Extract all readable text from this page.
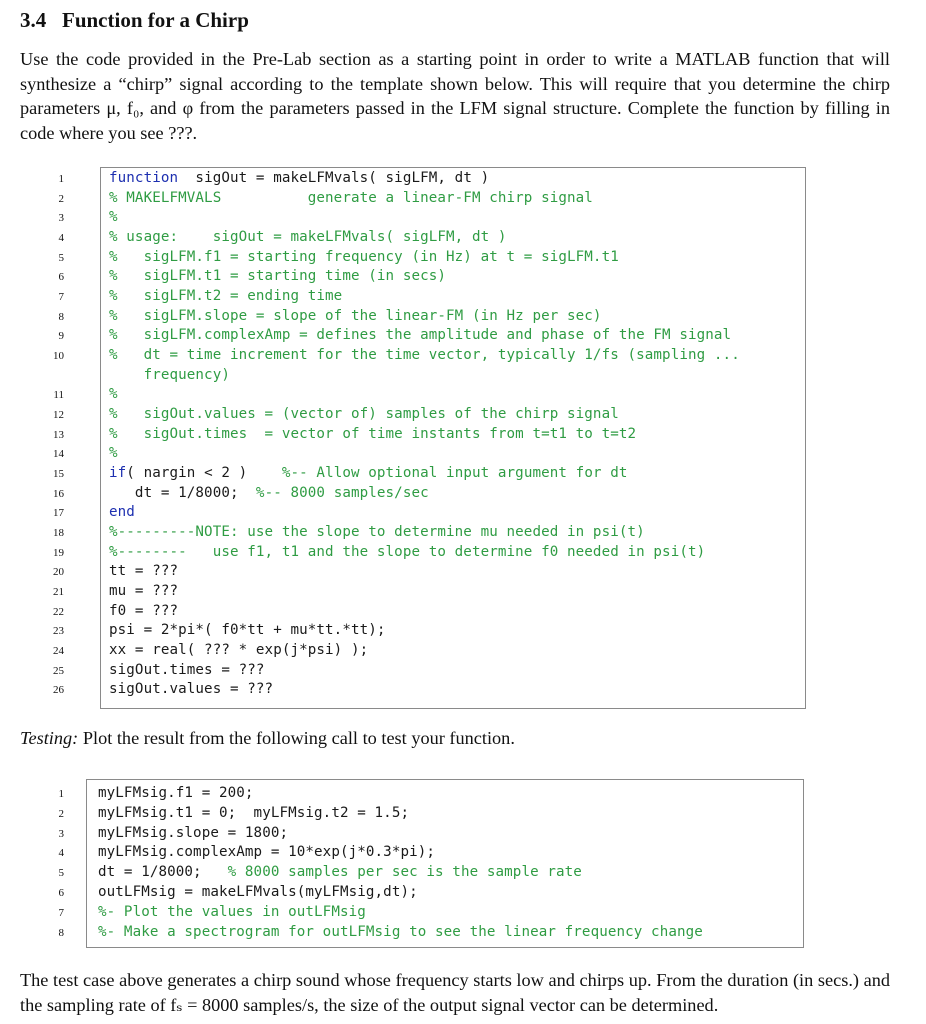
3.4   Function for a Chirp
Use the code provided in the Pre-Lab section as a starting point in order to write a MATLAB function that will synthesize a “chirp” signal according to the template shown below. This will require that you determine the chirp parameters μ, f₀, and φ from the parameters passed in the LFM signal structure. Complete the function by filling in code where you see ???.
1	function  sigOut = makeLFMvals( sigLFM, dt )
2	% MAKELFMVALS          generate a linear-FM chirp signal
3	%
4	% usage:    sigOut = makeLFMvals( sigLFM, dt )
5	%   sigLFM.f1 = starting frequency (in Hz) at t = sigLFM.t1
6	%   sigLFM.t1 = starting time (in secs)
7	%   sigLFM.t2 = ending time
8	%   sigLFM.slope = slope of the linear-FM (in Hz per sec)
9	%   sigLFM.complexAmp = defines the amplitude and phase of the FM signal
10	%   dt = time increment for the time vector, typically 1/fs (sampling ...
frequency)
11	%
12	%   sigOut.values = (vector of) samples of the chirp signal
13	%   sigOut.times  = vector of time instants from t=t1 to t=t2
14	%
15	if( nargin < 2 )    %-- Allow optional input argument for dt
16	dt = 1/8000;  %-- 8000 samples/sec
17	end
18	%---------NOTE: use the slope to determine mu needed in psi(t)
19	%--------   use f1, t1 and the slope to determine f0 needed in psi(t)
20	tt = ???
21	mu = ???
22	f0 = ???
23	psi = 2*pi*( f0*tt + mu*tt.*tt);
24	xx = real( ??? * exp(j*psi) );
25	sigOut.times = ???
26	sigOut.values = ???
Testing: Plot the result from the following call to test your function.
1 myLFMsig.f1 = 200;
2 myLFMsig.t1 = 0;  myLFMsig.t2 = 1.5;
3 myLFMsig.slope = 1800;
4 myLFMsig.complexAmp = 10*exp(j*0.3*pi);
5 dt = 1/8000;   % 8000 samples per sec is the sample rate
6 outLFMsig = makeLFMvals(myLFMsig,dt);
7 %- Plot the values in outLFMsig
8 %- Make a spectrogram for outLFMsig to see the linear frequency change
The test case above generates a chirp sound whose frequency starts low and chirps up. From the duration (in secs.) and the sampling rate of fₛ = 8000 samples/s, the size of the output signal vector can be determined.
